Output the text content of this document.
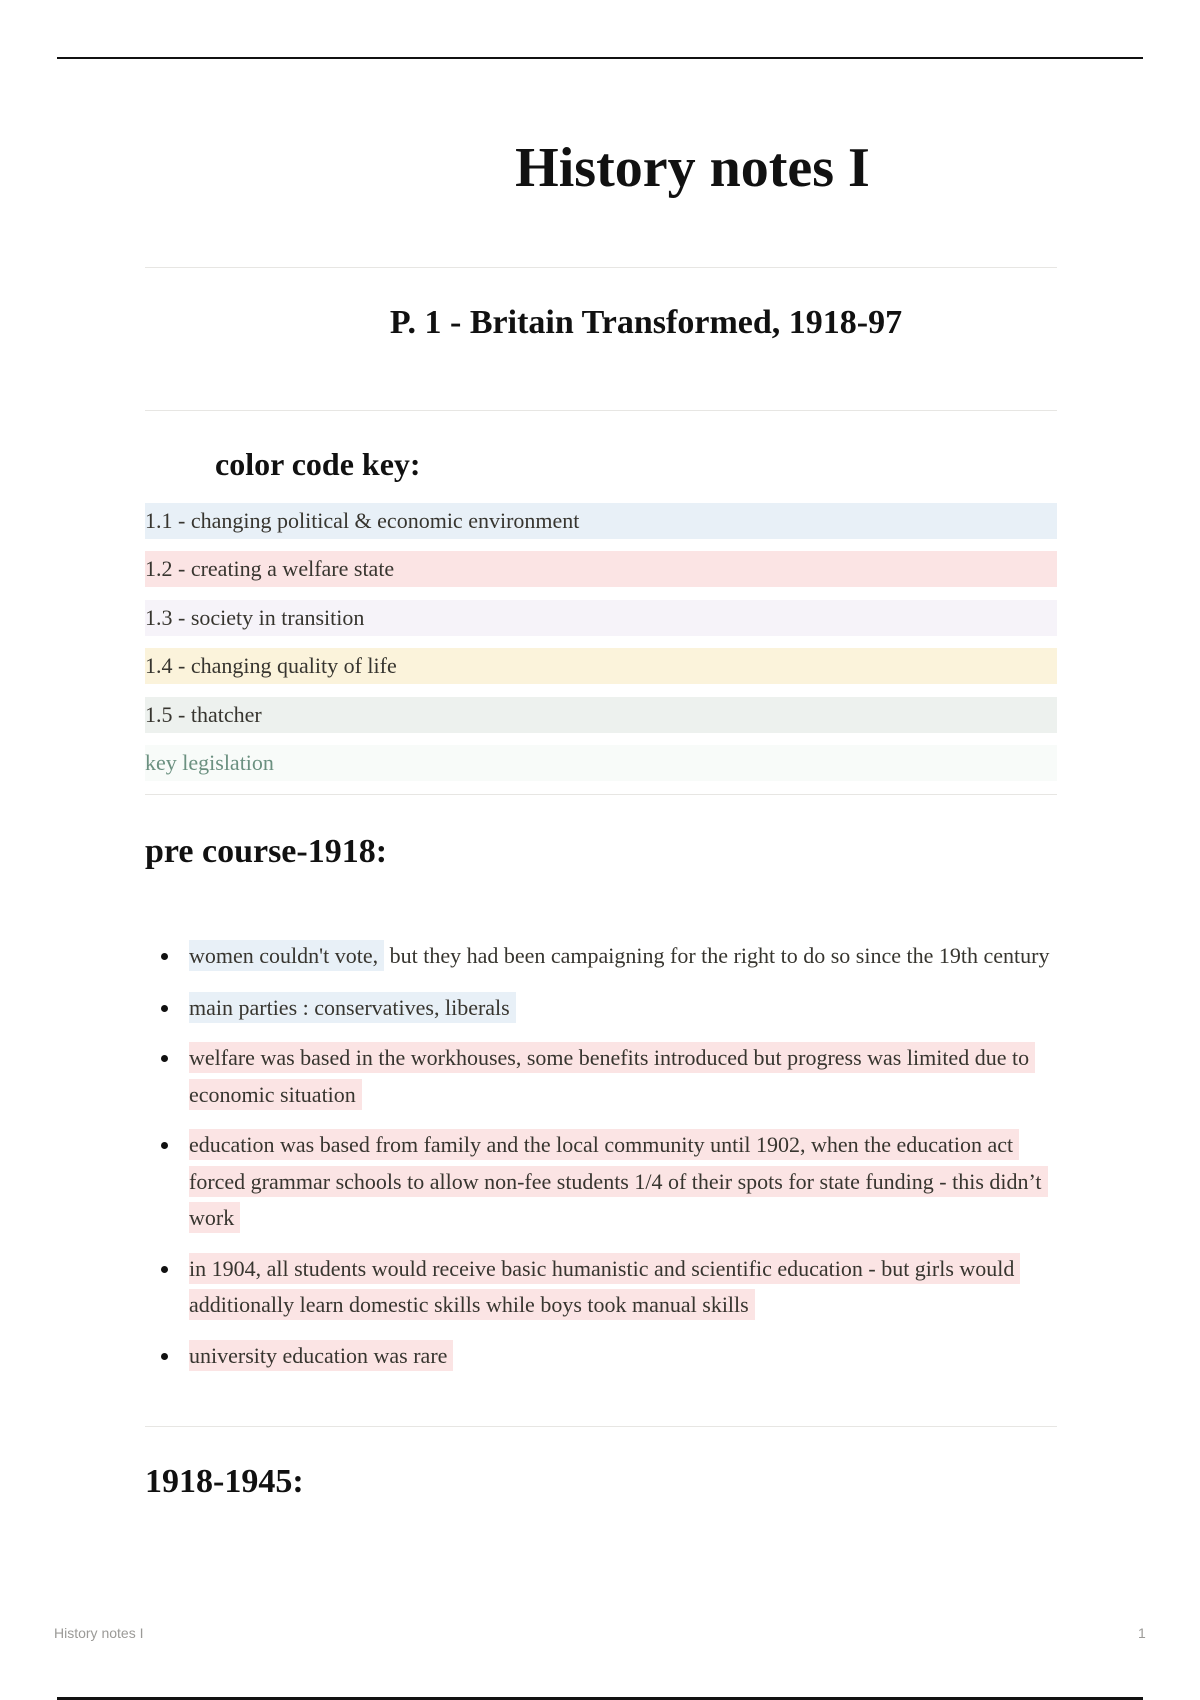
History notes I
P. 1 - Britain Transformed, 1918-97
color code key:
1.1 - changing political & economic environment
1.2 - creating a welfare state
1.3 - society in transition
1.4 - changing quality of life
1.5 - thatcher
key legislation
pre course-1918:
women couldn't vote, but they had been campaigning for the right to do so since the 19th century
main parties : conservatives, liberals
welfare was based in the workhouses, some benefits introduced but progress was limited due to economic situation
education was based from family and the local community until 1902, when the education act forced grammar schools to allow non-fee students 1/4 of their spots for state funding - this didn’t work
in 1904, all students would receive basic humanistic and scientific education - but girls would additionally learn domestic skills while boys took manual skills
university education was rare
1918-1945:
History notes I	1
